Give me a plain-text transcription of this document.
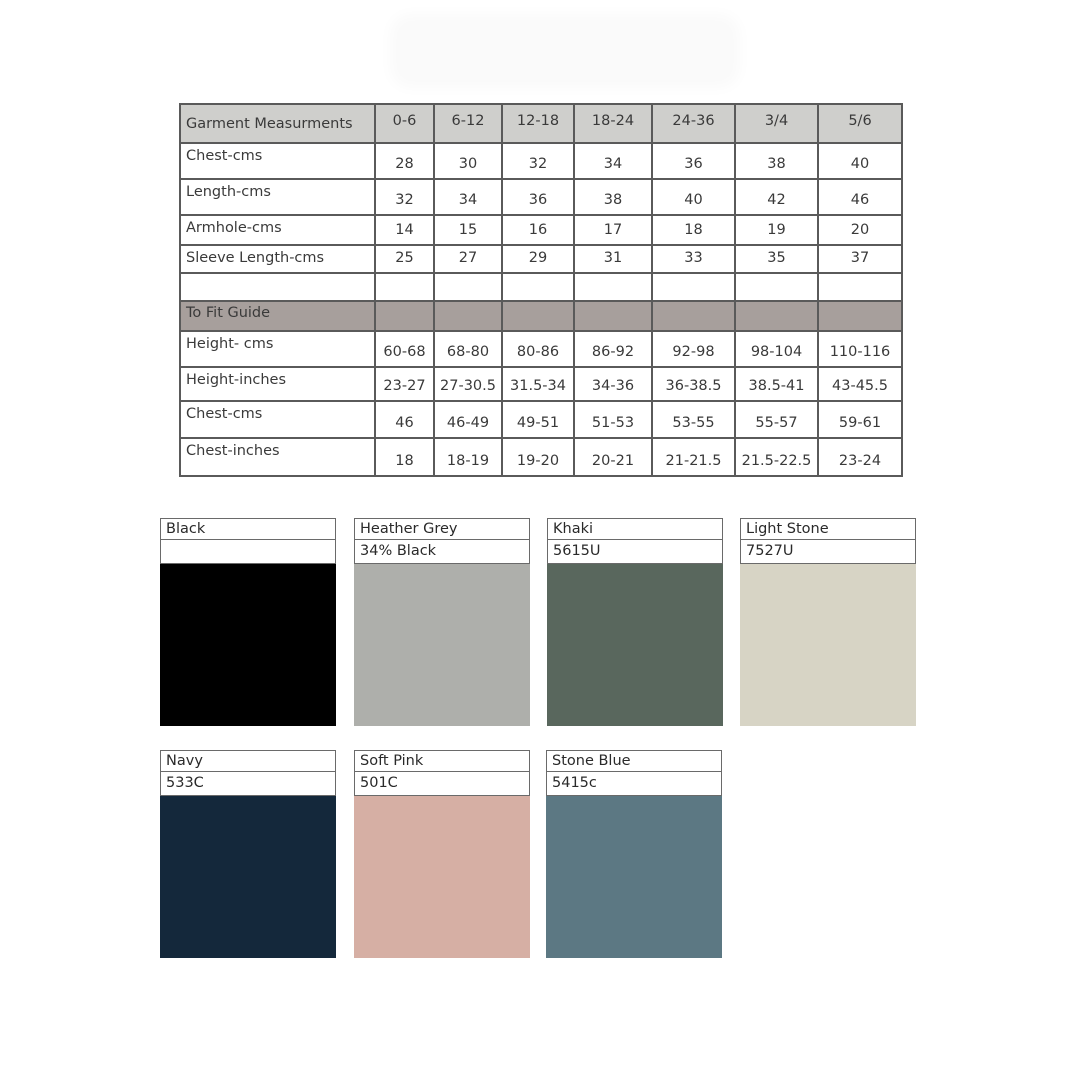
Garment Measurments	0-6	6-12	12-18	18-24	24-36	3/4	5/6
Chest-cms	28	30	32	34	36	38	40
Length-cms	32	34	36	38	40	42	46
Armhole-cms	14	15	16	17	18	19	20
Sleeve Length-cms	25	27	29	31	33	35	37

To Fit Guide							
Height- cms	60-68	68-80	80-86	86-92	92-98	98-104	110-116
Height-inches	23-27	27-30.5	31.5-34	34-36	36-38.5	38.5-41	43-45.5
Chest-cms	46	46-49	49-51	51-53	53-55	55-57	59-61
Chest-inches	18	18-19	19-20	20-21	21-21.5	21.5-22.5	23-24
Black	Heather Grey
34% Black
Khaki
5615U
Light Stone
7527U
Navy
533C
Soft Pink
501C
Stone Blue
5415c
